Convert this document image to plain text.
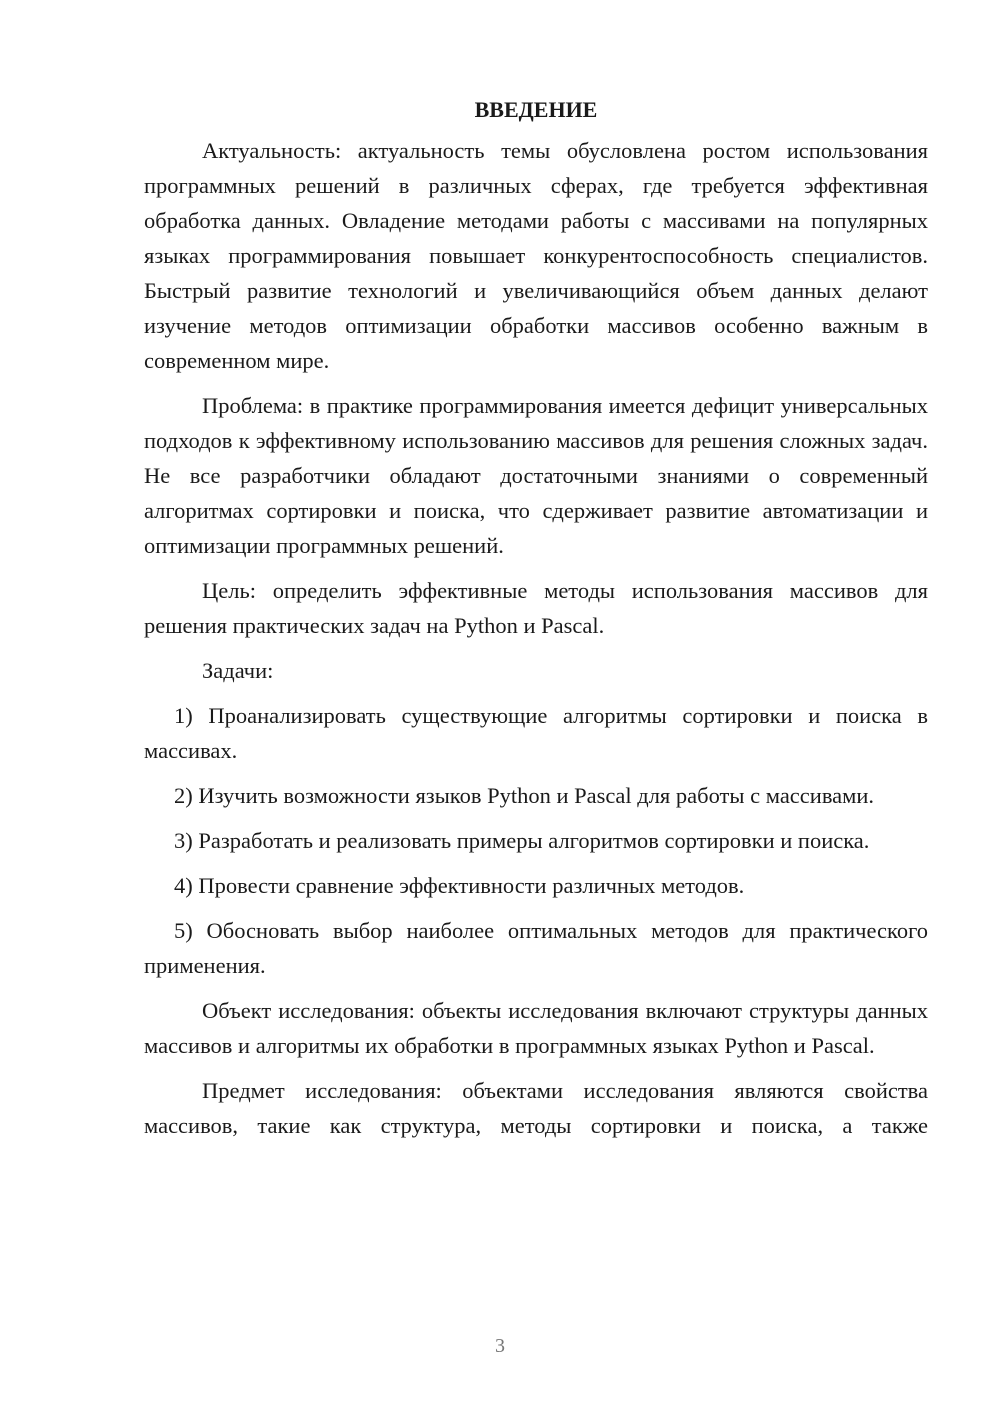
ВВЕДЕНИЕ

Актуальность: актуальность темы обусловлена ростом использования программных решений в различных сферах, где требуется эффективная обработка данных. Овладение методами работы с массивами на популярных языках программирования повышает конкурентоспособность специалистов. Быстрый развитие технологий и увеличивающийся объем данных делают изучение методов оптимизации обработки массивов особенно важным в современном мире.

Проблема: в практике программирования имеется дефицит универсальных подходов к эффективному использованию массивов для решения сложных задач. Не все разработчики обладают достаточными знаниями о современный алгоритмах сортировки и поиска, что сдерживает развитие автоматизации и оптимизации программных решений.

Цель: определить эффективные методы использования массивов для решения практических задач на Python и Pascal.

Задачи:

1) Проанализировать существующие алгоритмы сортировки и поиска в массивах.

2) Изучить возможности языков Python и Pascal для работы с массивами.

3) Разработать и реализовать примеры алгоритмов сортировки и поиска.

4) Провести сравнение эффективности различных методов.

5) Обосновать выбор наиболее оптимальных методов для практического применения.

Объект исследования: объекты исследования включают структуры данных массивов и алгоритмы их обработки в программных языках Python и Pascal.

Предмет исследования: объектами исследования являются свойства массивов, такие как структура, методы сортировки и поиска, а также

3
